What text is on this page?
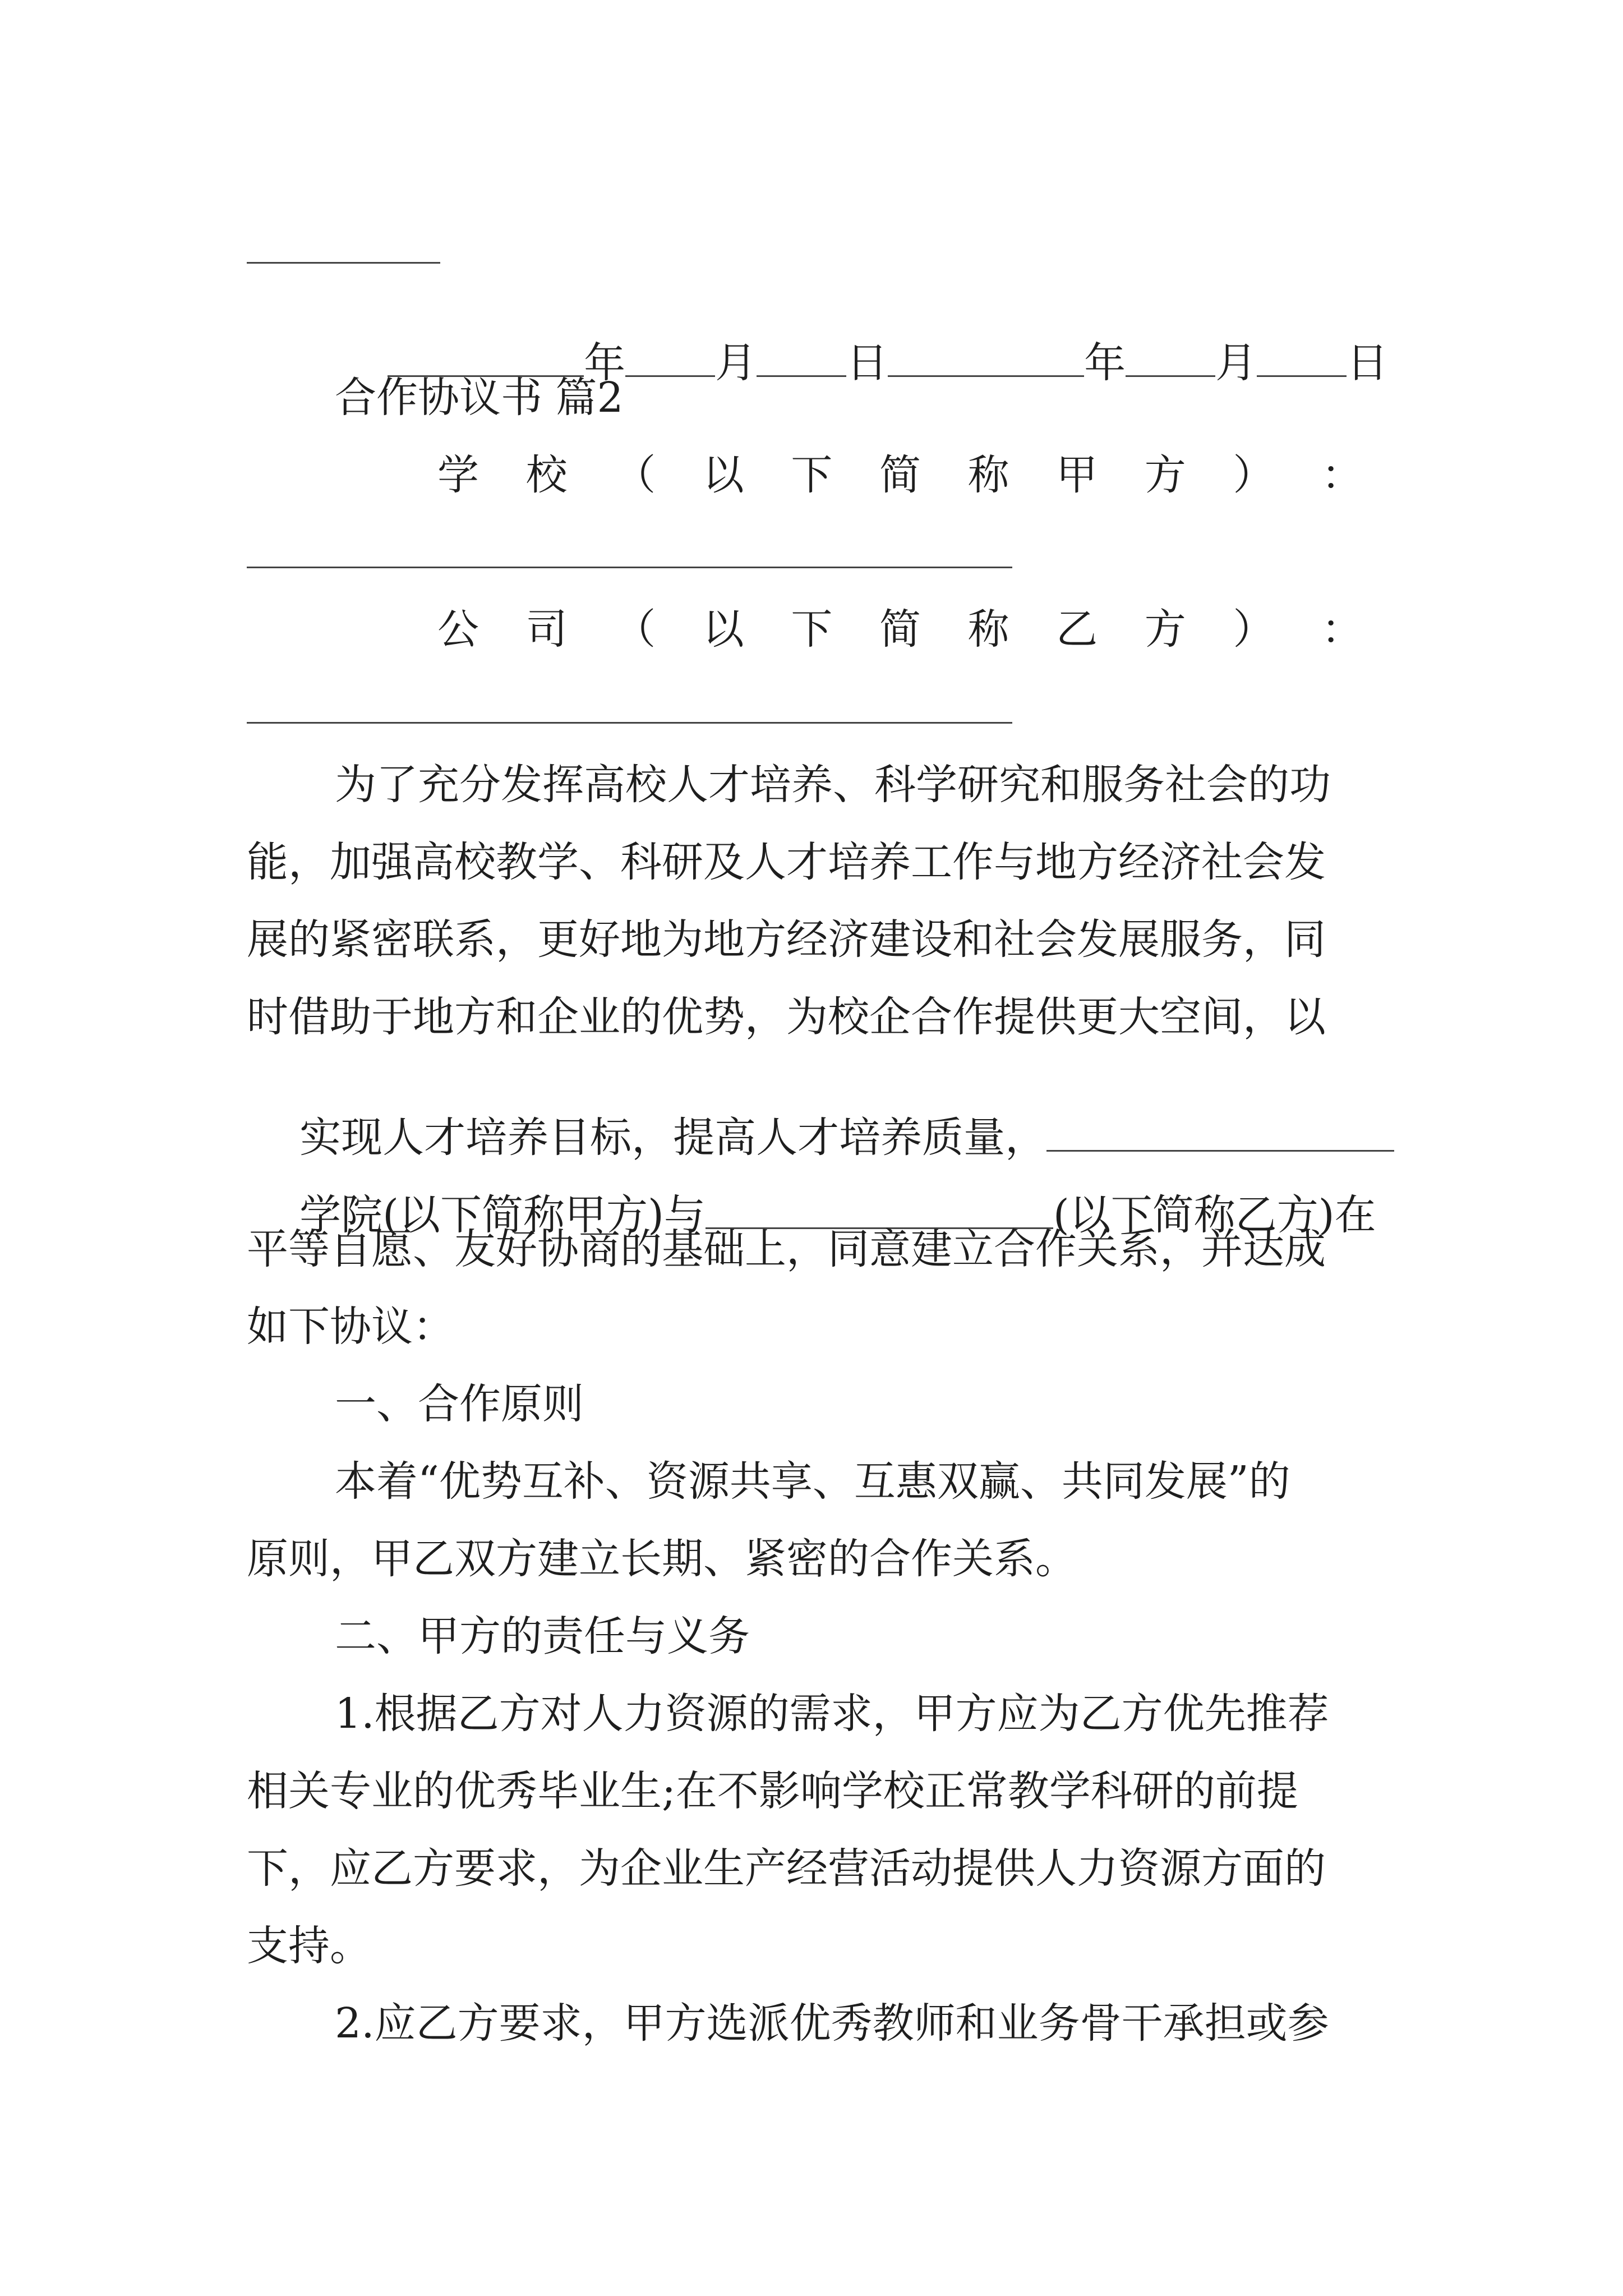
年 月 日	年 月 日

合作协议书 篇2
学 校 （ 以 下 简 称 甲 方 ） ：
公 司 （ 以 下 简 称 乙 方 ） ：
为了充分发挥高校人才培养、科学研究和服务社会的功
能，加强高校教学、科研及人才培养工作与地方经济社会发
展的紧密联系，更好地为地方经济建设和社会发展服务，同
时借助于地方和企业的优势，为校企合作提供更大空间，以

实现人才培养目标，提高人才培养质量，

学院(以下简称甲方)与	(以下简称乙方)在

平等自愿、友好协商的基础上，同意建立合作关系，并达成
如下协议：
一、合作原则
本着“优势互补、资源共享、互惠双赢、共同发展”的
原则，甲乙双方建立长期、紧密的合作关系。
二、甲方的责任与义务
1.根据乙方对人力资源的需求，甲方应为乙方优先推荐
相关专业的优秀毕业生;在不影响学校正常教学科研的前提
下，应乙方要求，为企业生产经营活动提供人力资源方面的
支持。
2.应乙方要求，甲方选派优秀教师和业务骨干承担或参
